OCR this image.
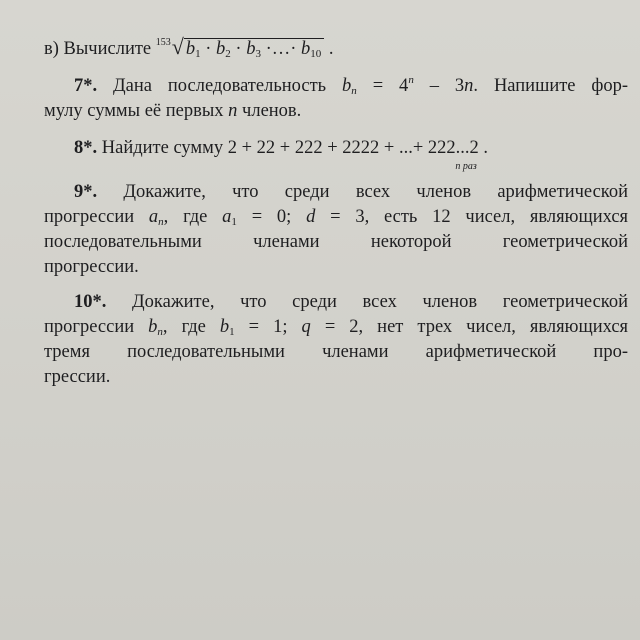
в) Вычислите $^{153}$√ $b_1 \cdot b_2 \cdot b_3$ ·…· $b_{10}$ .
7*. Дана последовательность $b_n = 4^n - 3n$. Напишите фор-
мулу суммы её первых n членов.
8*. Найдите сумму 2 + 22 + 222 + 2222 + ...+ 222...2
n раз
.
9*. Докажите, что среди всех членов арифметической
прогрессии $a_n$, где $a_1 = 0$; d = 3, есть 12 чисел, являющихся
последовательными членами некоторой геометрической
прогрессии.
10*. Докажите, что среди всех членов геометрической
прогрессии $b_n$, где $b_1 = 1$; q = 2, нет трех чисел, являющихся
тремя последовательными членами арифметической про-
грессии.
